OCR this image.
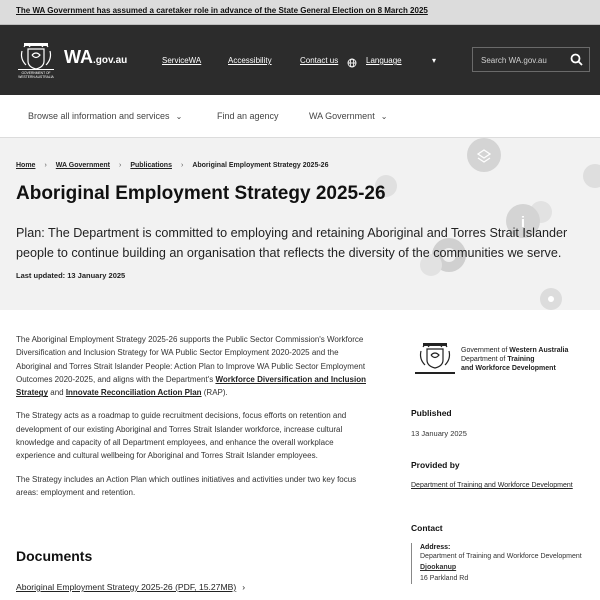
The WA Government has assumed a caretaker role in advance of the State General Election on 8 March 2025
GOVERNMENT OF
WESTERN AUSTRALIA
WA.gov.au	ServiceWA	Accessibility	Contact us	Language	▾
Search WA.gov.au
Browse all information and services ⌄	Find an agency	WA Government ⌄
i
Home › WA Government › Publications › Aboriginal Employment Strategy 2025-26
Aboriginal Employment Strategy 2025-26

Plan: The Department is committed to employing and retaining Aboriginal and Torres Strait Islander people to continue building an organisation that reflects the diversity of the communities we serve.

Last updated: 13 January 2025

The Aboriginal Employment Strategy 2025-26 supports the Public Sector Commission's Workforce Diversification and Inclusion Strategy for WA Public Sector Employment 2020-2025 and the Aboriginal and Torres Strait Islander People: Action Plan to Improve WA Public Sector Employment Outcomes 2020-2025, and aligns with the Department's Workforce Diversification and Inclusion Strategy and Innovate Reconciliation Action Plan (RAP).

The Strategy acts as a roadmap to guide recruitment decisions, focus efforts on retention and development of our existing Aboriginal and Torres Strait Islander workforce, increase cultural knowledge and capacity of all Department employees, and enhance the overall workplace experience and cultural wellbeing for Aboriginal and Torres Strait Islander employees.

The Strategy includes an Action Plan which outlines initiatives and activities under two key focus areas: employment and retention.

Documents
Aboriginal Employment Strategy 2025-26 (PDF, 15.27MB) ›
Government of Western Australia
Department of Training
and Workforce Development
Published
13 January 2025
Provided by
Department of Training and Workforce Development
Contact
Address:
Department of Training and Workforce Development
Djookanup
16 Parkland Rd
